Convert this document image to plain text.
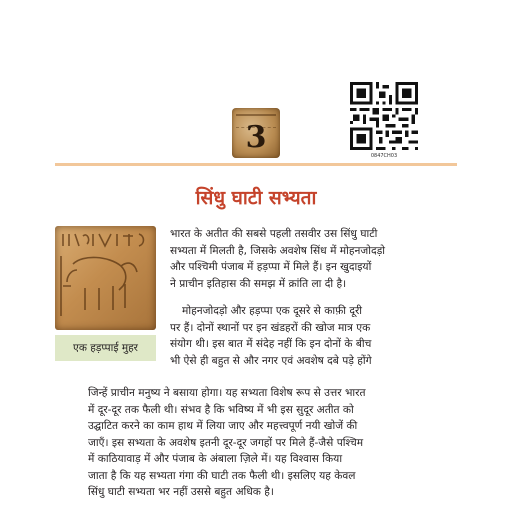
3
0847CH03
सिंधु घाटी सभ्यता
एक हड़प्पाई मुहर
भारत के अतीत की सबसे पहली तसवीर उस सिंधु घाटी
सभ्यता में मिलती है, जिसके अवशेष सिंध में मोहनजोदड़ो
और पश्चिमी पंजाब में हड़प्पा में मिले हैं। इन खुदाइयों
ने प्राचीन इतिहास की समझ में क्रांति ला दी है।
मोहनजोदड़ो और हड़प्पा एक दूसरे से काफ़ी दूरी
पर हैं। दोनों स्थानों पर इन खंडहरों की खोज मात्र एक
संयोग थी। इस बात में संदेह नहीं कि इन दोनों के बीच
भी ऐसे ही बहुत से और नगर एवं अवशेष दबे पड़े होंगे
जिन्हें प्राचीन मनुष्य ने बसाया होगा। यह सभ्यता विशेष रूप से उत्तर भारत
में दूर-दूर तक फैली थी। संभव है कि भविष्य में भी इस सुदूर अतीत को
उद्घाटित करने का काम हाथ में लिया जाए और महत्त्वपूर्ण नयी खोजें की
जाएँ। इस सभ्यता के अवशेष इतनी दूर-दूर जगहों पर मिले हैं-जैसे पश्चिम
में काठियावाड़ में और पंजाब के अंबाला ज़िले में। यह विश्वास किया
जाता है कि यह सभ्यता गंगा की घाटी तक फैली थी। इसलिए यह केवल
सिंधु घाटी सभ्यता भर नहीं उससे बहुत अधिक है।
